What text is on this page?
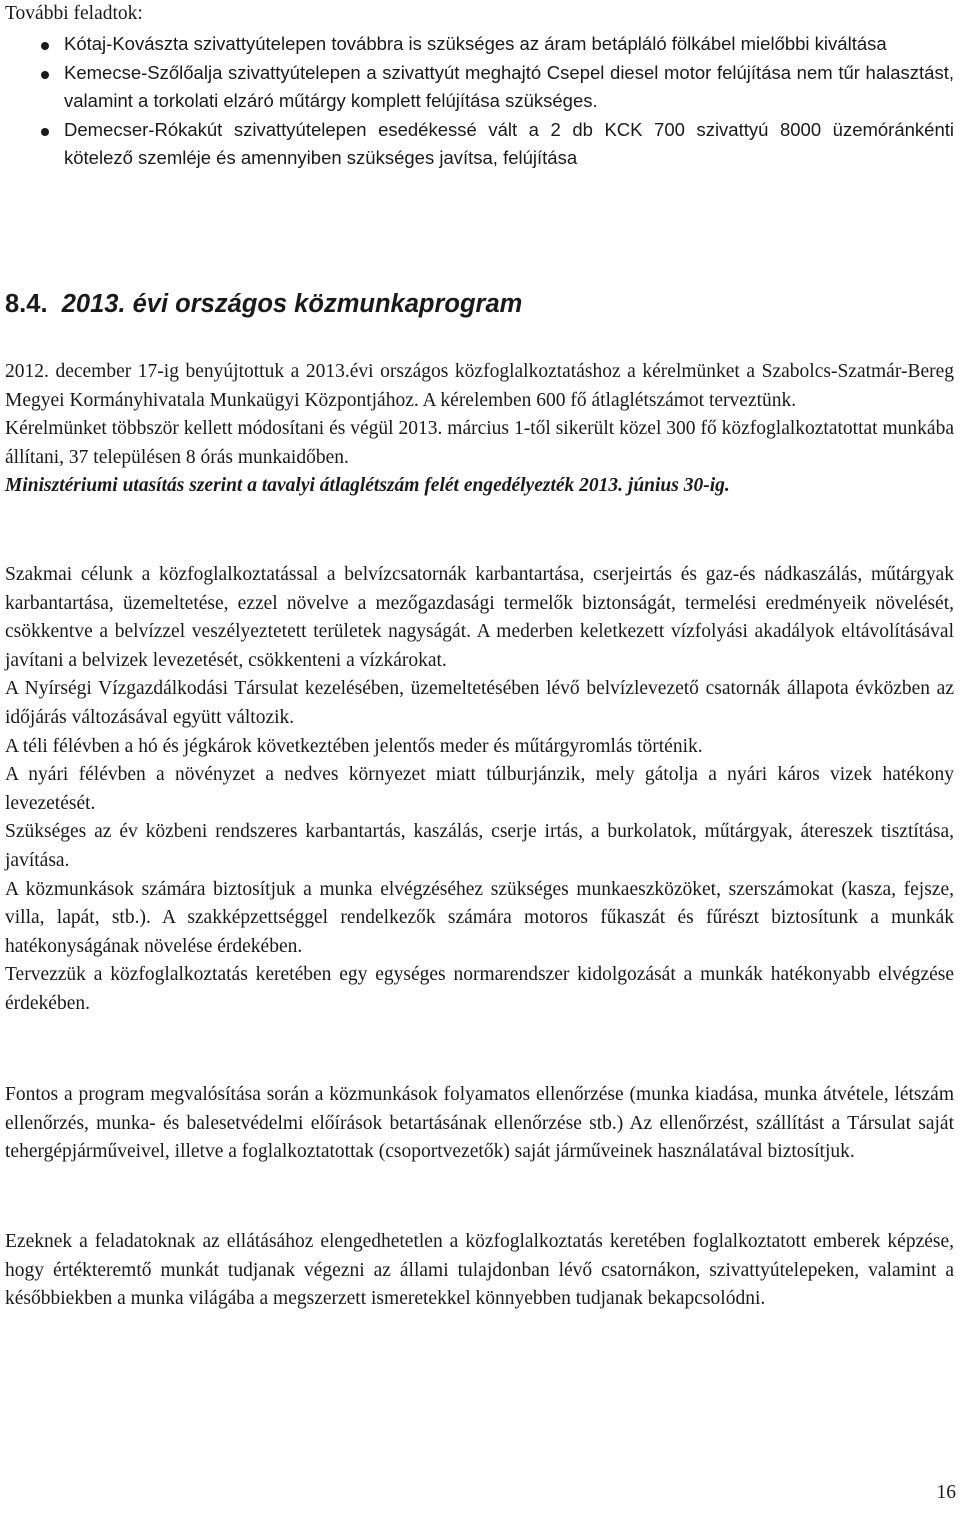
További feladtok:

Kótaj-Kovászta szivattyútelepen továbbra is szükséges az áram betápláló fölkábel mielőbbi kiváltása
Kemecse-Szőlőalja szivattyútelepen a szivattyút meghajtó Csepel diesel motor felújítása nem tűr halasztást, valamint a torkolati elzáró műtárgy komplett felújítása szükséges.
Demecser-Rókakút szivattyútelepen esedékessé vált a 2 db KCK 700 szivattyú 8000 üzemóránkénti kötelező szemléje és amennyiben szükséges javítsa, felújítása
8.4. 2013. évi országos közmunkaprogram

2012. december 17-ig benyújtottuk a 2013.évi országos közfoglalkoztatáshoz a kérelmünket a Szabolcs-Szatmár-Bereg Megyei Kormányhivatala Munkaügyi Központjához. A kérelemben 600 fő átlaglétszámot terveztünk.

Kérelmünket többször kellett módosítani és végül 2013. március 1-től sikerült közel 300 fő közfoglalkoztatottat munkába állítani, 37 településen 8 órás munkaidőben.

Minisztériumi utasítás szerint a tavalyi átlaglétszám felét engedélyezték 2013. június 30-ig.

Szakmai célunk a közfoglalkoztatással a belvízcsatornák karbantartása, cserjeirtás és gaz-és nádkaszálás, műtárgyak karbantartása, üzemeltetése, ezzel növelve a mezőgazdasági termelők biztonságát, termelési eredményeik növelését, csökkentve a belvízzel veszélyeztetett területek nagyságát. A mederben keletkezett vízfolyási akadályok eltávolításával javítani a belvizek levezetését, csökkenteni a vízkárokat.

A Nyírségi Vízgazdálkodási Társulat kezelésében, üzemeltetésében lévő belvízlevezető csatornák állapota évközben az időjárás változásával együtt változik.

A téli félévben a hó és jégkárok következtében jelentős meder és műtárgyromlás történik.

A nyári félévben a növényzet a nedves környezet miatt túlburjánzik, mely gátolja a nyári káros vizek hatékony levezetését.

Szükséges az év közbeni rendszeres karbantartás, kaszálás, cserje irtás, a burkolatok, műtárgyak, átereszek tisztítása, javítása.

A közmunkások számára biztosítjuk a munka elvégzéséhez szükséges munkaeszközöket, szerszámokat (kasza, fejsze, villa, lapát, stb.). A szakképzettséggel rendelkezők számára motoros fűkaszát és fűrészt biztosítunk a munkák hatékonyságának növelése érdekében.

Tervezzük a közfoglalkoztatás keretében egy egységes normarendszer kidolgozását a munkák hatékonyabb elvégzése érdekében.

Fontos a program megvalósítása során a közmunkások folyamatos ellenőrzése (munka kiadása, munka átvétele, létszám ellenőrzés, munka- és balesetvédelmi előírások betartásának ellenőrzése stb.) Az ellenőrzést, szállítást a Társulat saját tehergépjárműveivel, illetve a foglalkoztatottak (csoportvezetők) saját járműveinek használatával biztosítjuk.

Ezeknek a feladatoknak az ellátásához elengedhetetlen a közfoglalkoztatás keretében foglalkoztatott emberek képzése, hogy értékteremtő munkát tudjanak végezni az állami tulajdonban lévő csatornákon, szivattyútelepeken, valamint a későbbiekben a munka világába a megszerzett ismeretekkel könnyebben tudjanak bekapcsolódni.

16
